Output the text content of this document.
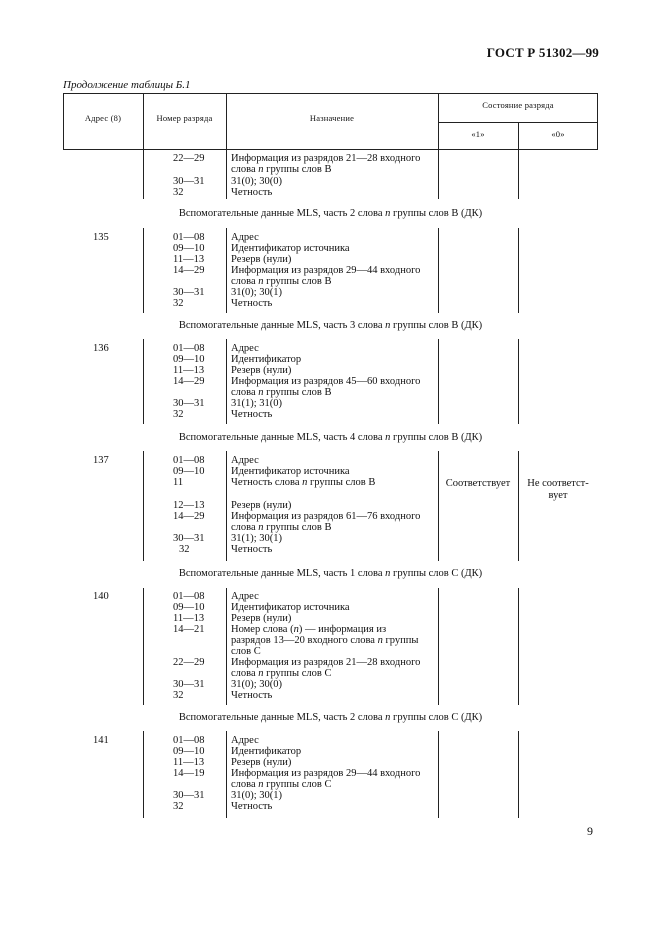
ГОСТ Р 51302—99
Продолжение таблицы Б.1
Адрес (8)	Номер разряда	Назначение
Состояние разряда
«1»	«0»
22—29	Информация из разрядов 21—28 входного
слова n группы слов B
30—31	31(0); 30(0)
32	Четность
Вспомогательные данные MLS, часть 2 слова n группы слов B (ДК)
135	01—08	Адрес
09—10	Идентификатор источника
11—13	Резерв (нули)
14—29	Информация из разрядов 29—44 входного
слова n группы слов B
30—31	31(0); 30(1)
32	Четность
Вспомогательные данные MLS, часть 3 слова n группы слов B (ДК)
136	01—08	Адрес
09—10	Идентификатор
11—13	Резерв (нули)
14—29	Информация из разрядов 45—60 входного
слова n группы слов B
30—31	31(1); 31(0)
32	Четность
Вспомогательные данные MLS, часть 4 слова n группы слов B (ДК)
137	01—08	Адрес
09—10	Идентификатор источника
11	Четность слова n группы слов B	Соответствует	Не соответст-
вует
12—13	Резерв (нули)
14—29	Информация из разрядов 61—76 входного
слова n группы слов B
30—31	31(1); 30(1)
32	Четность
Вспомогательные данные MLS, часть 1 слова n группы слов C (ДК)
140	01—08	Адрес
09—10	Идентификатор источника
11—13	Резерв (нули)
14—21	Номер слова (n) — информация из
разрядов 13—20 входного слова n группы
слов C
22—29	Информация из разрядов 21—28 входного
слова n группы слов C
30—31	31(0); 30(0)
32	Четность
Вспомогательные данные MLS, часть 2 слова n группы слов C (ДК)
141	01—08	Адрес
09—10	Идентификатор
11—13	Резерв (нули)
14—19	Информация из разрядов 29—44 входного
слова n группы слов C
30—31	31(0); 30(1)
32	Четность
9
